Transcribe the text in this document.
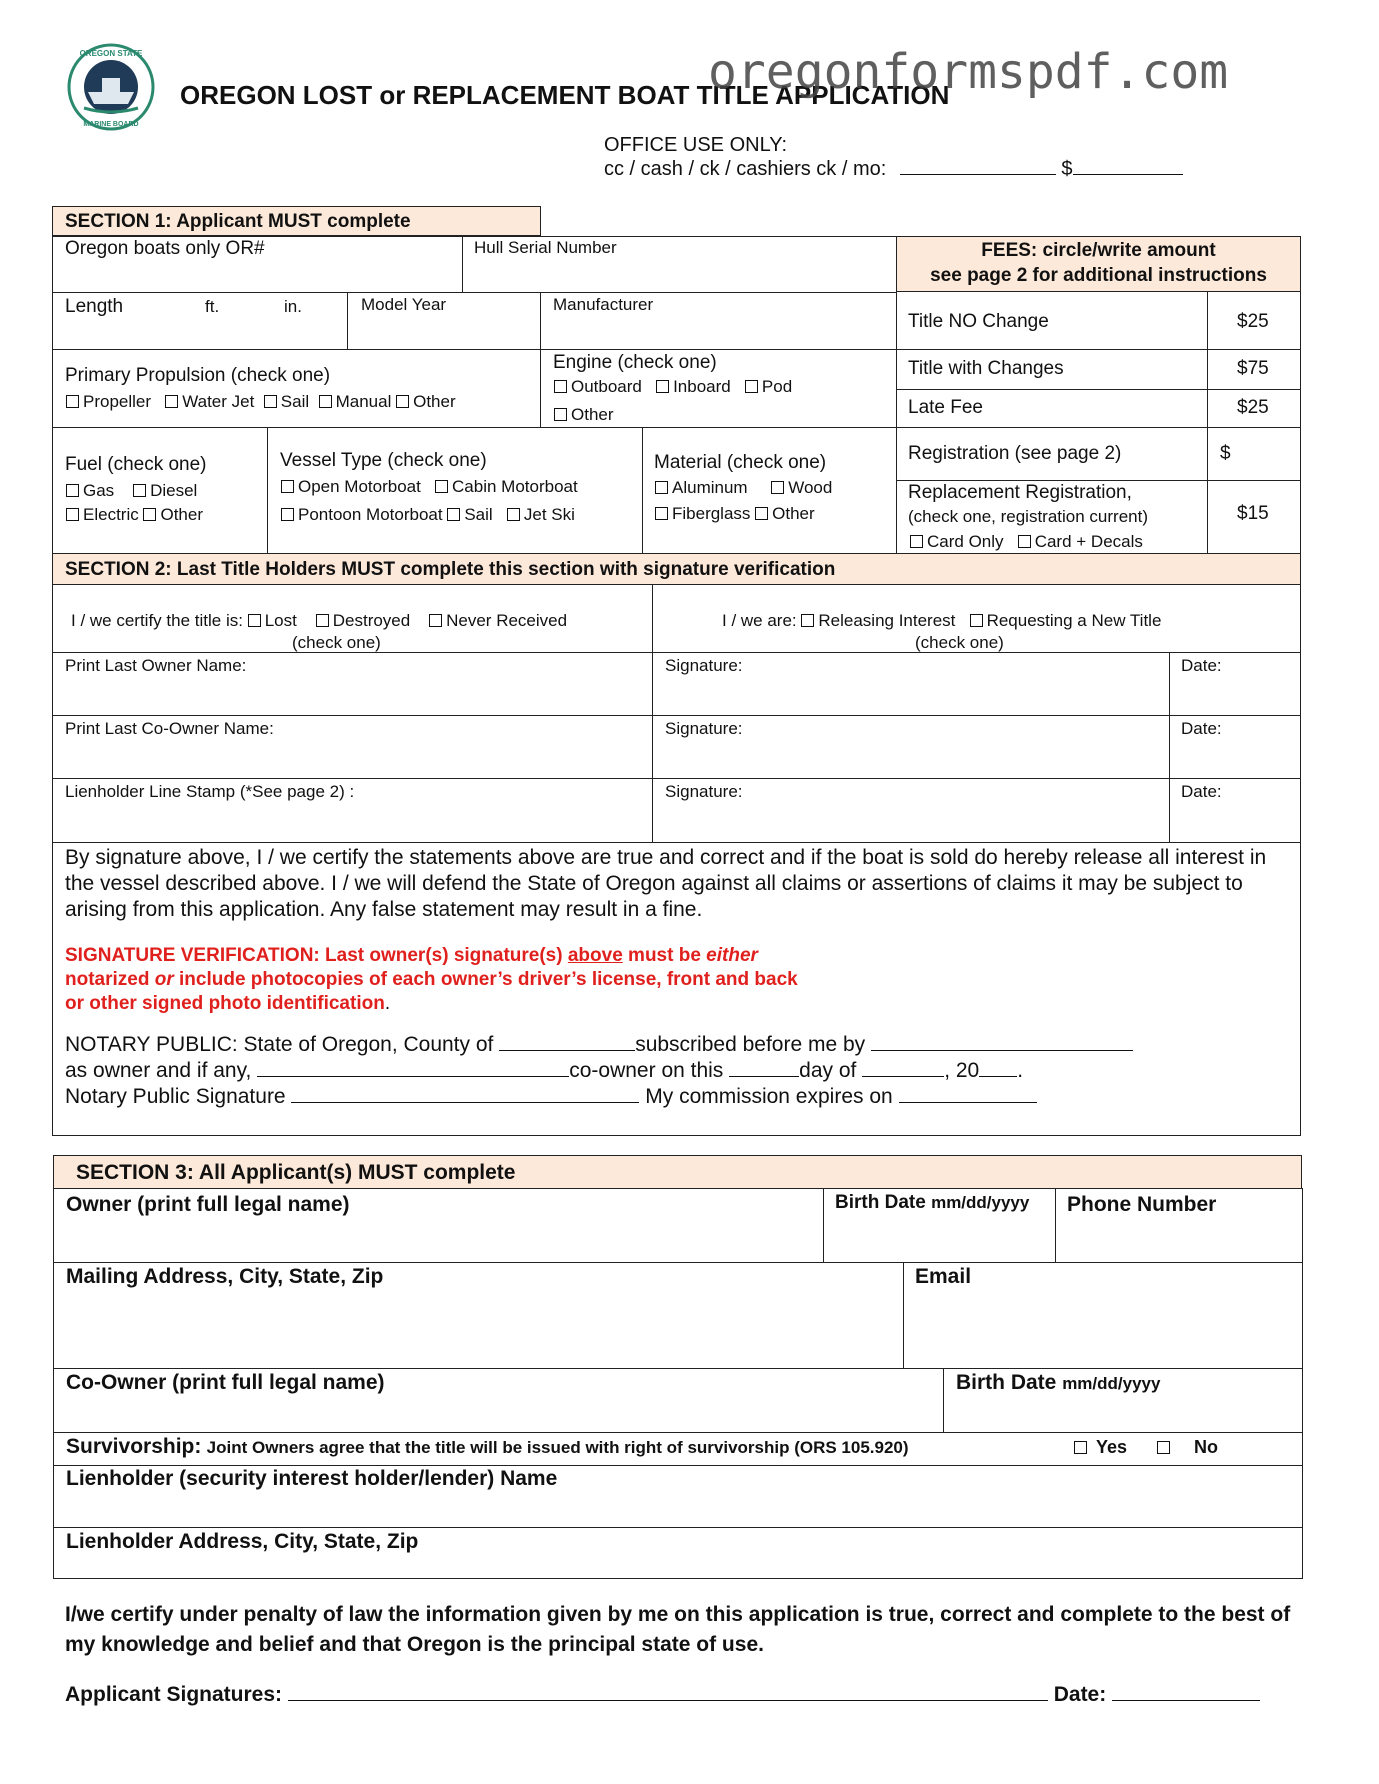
OREGON STATE
MARINE BOARD
OREGON LOST or REPLACEMENT BOAT TITLE APPLICATION
oregonformspdf.com
OFFICE USE ONLY:
cc / cash / ck / cashiers ck / mo:	$
SECTION 1: Applicant MUST complete
Oregon boats only OR#	Hull Serial Number
Length	ft.	in.	Model Year	Manufacturer
Primary Propulsion (check one)
Propeller Water Jet Sail Manual Other
Engine (check one)
Outboard Inboard Pod
Other
Fuel (check one)
Gas Diesel
Electric Other
Vessel Type (check one)
Open Motorboat Cabin Motorboat
Pontoon Motorboat Sail Jet Ski
Material (check one)
Aluminum Wood
Fiberglass Other
FEES: circle/write amount
see page 2 for additional instructions
Title NO Change	$25
Title with Changes	$75
Late Fee	$25
Registration (see page 2)	$
Replacement Registration,
(check one, registration current)
Card Only Card + Decals
$15
SECTION 2: Last Title Holders MUST complete this section with signature verification
I / we certify the title is: Lost Destroyed Never Received
(check one)
I / we are: Releasing Interest Requesting a New Title
(check one)
Print Last Owner Name:	Signature:	Date:
Print Last Co-Owner Name:	Signature:	Date:
Lienholder Line Stamp (*See page 2) :	Signature:	Date:
By signature above, I / we certify the statements above are true and correct and if the boat is sold do hereby release all interest in the vessel described above. I / we will defend the State of Oregon against all claims or assertions of claims it may be subject to arising from this application. Any false statement may result in a fine.
SIGNATURE VERIFICATION: Last owner(s) signature(s) above must be either
notarized or include photocopies of each owner’s driver’s license, front and back
or other signed photo identification.
NOTARY PUBLIC: State of Oregon, County of	subscribed before me by
as owner and if any,	co-owner on this	day of	, 20 .
Notary Public Signature	My commission expires on
SECTION 3: All Applicant(s) MUST complete
Owner (print full legal name)	Birth Date mm/dd/yyyy Phone Number
Mailing Address, City, State, Zip	Email
Co-Owner (print full legal name)	Birth Date mm/dd/yyyy
Survivorship: Joint Owners agree that the title will be issued with right of survivorship (ORS 105.920)	Yes	No
Lienholder (security interest holder/lender) Name
Lienholder Address, City, State, Zip
I/we certify under penalty of law the information given by me on this application is true, correct and complete to the best of my knowledge and belief and that Oregon is the principal state of use.
Applicant Signatures:	Date:
